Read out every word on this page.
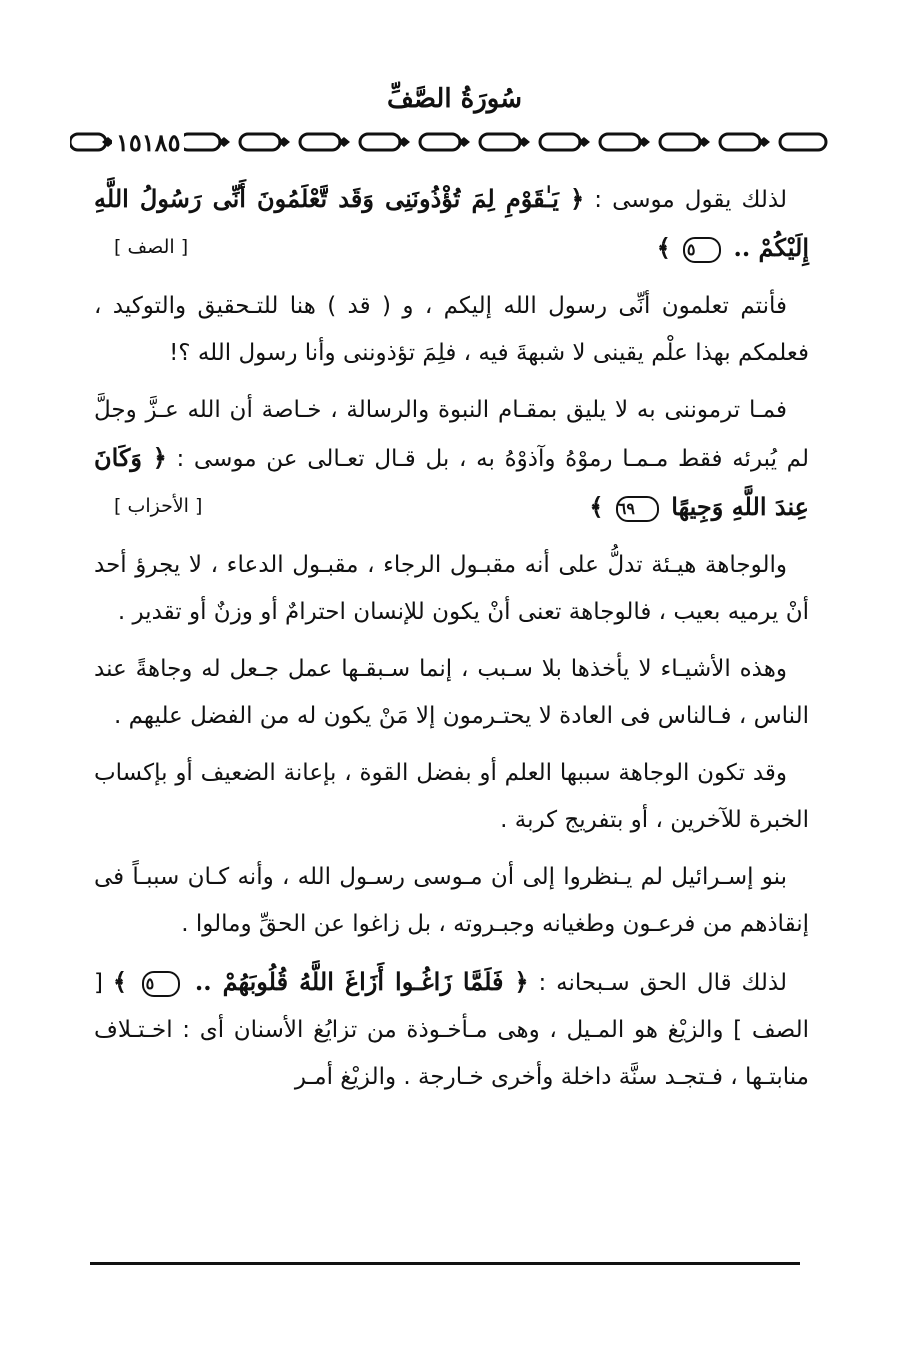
سُورَةُ الصَّفِّ
١٥١٨٥

لذلك يقول موسى : ﴿ يَـٰقَوْمِ لِمَ تُؤْذُونَنِى وَقَد تَّعْلَمُونَ أَنِّى رَسُولُ اللَّهِ إِلَيْكُمْ .. ٥ ﴾
[ الصف ]

فأنتم تعلمون أنِّى رسول الله إليكم ، و ( قد ) هنا للتـحقيق والتوكيد ، فعلمكم بهذا علْم يقينى لا شبهةَ فيه ، فلِمَ تؤذوننى وأنا رسول الله ؟!

فمـا ترموننى به لا يليق بمقـام النبوة والرسالة ، خـاصة أن الله عـزَّ وجلَّ لم يُبرئه فقط مـمـا رموْهُ وآذوْهُ به ، بل قـال تعـالى عن موسى : ﴿ وَكَانَ عِندَ اللَّهِ وَجِيهًا ٦٩ ﴾
[ الأحزاب ]

والوجاهة هيـئة تدلُّ على أنه مقبـول الرجاء ، مقبـول الدعاء ، لا يجرؤ أحد أنْ يرميه بعيب ، فالوجاهة تعنى أنْ يكون للإنسان احترامٌ أو وزنٌ أو تقدير .

وهذه الأشيـاء لا يأخذها بلا سـبب ، إنما سـبقـها عمل جـعل له وجاهةً عند الناس ، فـالناس فى العادة لا يحتـرمون إلا مَنْ يكون له من الفضل عليهم .

وقد تكون الوجاهة سببها العلم أو بفضل القوة ، بإعانة الضعيف أو بإكساب الخبرة للآخرين ، أو بتفريج كربة .

بنو إسـرائيل لم يـنظروا إلى أن مـوسى رسـول الله ، وأنه كـان سببـاً فى إنقاذهم من فرعـون وطغيانه وجبـروته ، بل زاغوا عن الحقِّ ومالوا .

لذلك قال الحق سـبحانه : ﴿ فَلَمَّا زَاغُـوا أَزَاغَ اللَّهُ قُلُوبَهُمْ .. ٥ ﴾ [ الصف ] والزيْغ هو المـيل ، وهى مـأخـوذة من تزايُغ الأسنان أى : اخـتـلاف منابتـها ، فـتجـد سنَّة داخلة وأخرى خـارجة . والزيْغ أمـر
